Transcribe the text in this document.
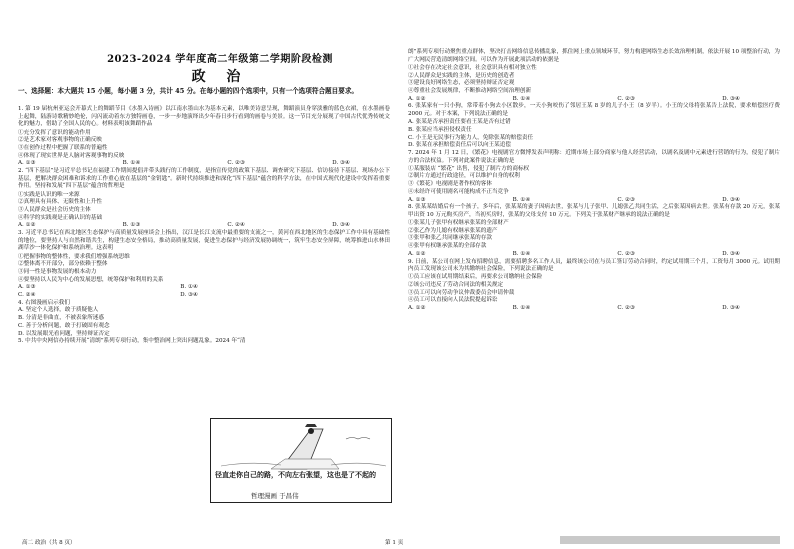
2023-2024 学年度高二年级第二学期阶段检测
政 治
一、选择题：本大题共 15 小题，每小题 3 分，共计 45 分。在每小题的四个选项中，只有一个选项符合题目要求。

1. 第 19 届杭州亚运会开幕式上的舞蹈节目《水墨入诗画》以江南水墨山水为基本元素，以唯美诗意呈现，舞蹈演员身穿淡雅的蓝色衣裙，在水墨画卷上起舞，陆游诗歌精妙绝伦，闪闪流动着东方独特画卷，一步一步地演绎出少年春日步行看到的画卷与美景。这一节目充分展现了中国古代优秀传统文化的魅力，借助了全国人民的心。材料表明该舞蹈作品

①充分发挥了意识的能动作用

②是艺术家对客观事物的正确反映

③在创作过程中把握了联系的普遍性

④体现了现实世界是人脑对客观事物的反映

A. ①③	B. ①④	C. ②③	D. ③④

2. “四下基层”是习近平总书记在福建工作期间提倡并带头践行的工作制度，是指宣传党的政策下基层、调查研究下基层、信访接待下基层、现场办公下基层，把解决群众困难和诉求的工作重心放在基层的“金钥匙”。新时代持续推进和深化“四下基层”蕴含的科学方法，在中国式现代化建设中发挥着重要作用。坚持和发展“四下基层”蕴含的哲理是

①实践是认识的唯一来源

②真理具有具体、无限性和上升性

③人民群众是社会历史的主体

④科学的实践观是正确认识的基础

A. ①②	B. ①③	C. ②④	D. ③④

3. 习近平总书记在西北地区生态保护与高质量发展座谈会上指出，汉江是长江支流中最重要的支流之一，黄河在西北地区的生态保护工作中具有基础性的地位，要坚持人与自然和谐共生，构建生态安全格局，推动高质量发展，促进生态保护与经济发展协调统一，筑牢生态安全屏障，统筹推进山水林田湖草沙一体化保护和系统治理。这表明

①把握事物的整体性，要求我们增强系统思维

②整体离不开部分，部分依赖于整体

③同一性是事物发展的根本动力

④要坚持以人民为中心的发展思想，统筹保护和利用的关系

A. ①③	B. ①④
C. ②④	D. ③④

4. 右图漫画启示我们

A. 坚定个人选择，敢于质疑他人

B. 分清是非曲直，不被表象所迷惑

C. 善于分析问题，敢于打破固有观念

D. 以发展眼光看问题，坚持辩证否定

5. 中共中央网信办持续开展“清朗”系列专项行动，集中整治网上突出问题乱象。2024 年“清

径直走你自己的路，不向左右张望，这也是了不起的
哲理漫画 于昌伟

朗”系列专项行动聚焦重点群体，坚决打击网络信息传播乱象，抓住网上重点领域环节，努力构建网络生态长效治理机制，依法开展 10 项整治行动，为广大网民营造清朗网络空间。可以作为开展此项活动的依据是

①社会存在决定社会意识，社会意识具有相对独立性

②人民群众是实践的主体，是历史的创造者

③建设良好网络生态，必须坚持辩证否定观

④尊重社会发展规律，不断推动网络空间治理创新

A. ①②	B. ①④	C. ②③	D. ③④

6. 张某家有一只小狗，常带着小狗去小区散步，一天小狗咬伤了邻居王某 8 岁的儿子小王（8 岁半）。小王的父母将张某告上法院，要求赔偿医疗费 2000 元。对于本案，下列说法正确的是

A. 张某是否承担责任要看王某是否有过错

B. 张某应当承担侵权责任

C. 小王是无民事行为能力人，免除张某的赔偿责任

D. 张某在承担赔偿责任后可以向王某追偿

7. 2024 年 1 月 12 日，《繁花》电视剧官方微博发表声明称：近期市场上部分商家与他人经营活动，以剧名及剧中元素进行营销的行为，侵犯了制片方的合法权益。下列对此案件说法正确的是

①某服装店 “繁花” 出售，侵犯了制片方的商标权

②制片方通过行政途径，可以维护自身的权利

③《繁花》电视剧是著作权的客体

④未经许可使用剧名可能构成不正当竞争

A. ①③	B. ①④	C. ②③	D. ③④

8. 张某某结婚后有一个孩子，多年后，张某某的妻子因病去世，张某与儿子张甲、儿媳张乙共同生活，之后张某因病去世。张某有存款 20 万元，张某甲出资 10 万元购买房产，当初买房时，张某的父母支付 10 万元。下列关于张某财产继承的说法正确的是

①张某儿子张甲有权继承张某的全部财产

②张乙作为儿媳有权继承张某的遗产

③张甲和张乙共同继承张某的存款

④张甲有权继承张某的全部存款

A. ①②	B. ①④	C. ②③	D. ③④

9. 日前，某公司在网上发布招聘信息，需要招聘多名工作人员，最终该公司在与员工签订劳动合同时，约定试用期三个月，工资每月 3000 元。试用期内员工发现该公司未为其缴纳社会保险，下列说法正确的是

①员工应该在试用期结束后，再要求公司缴纳社会保险

②该公司违反了劳动合同法的相关规定

③员工可以向劳动争议仲裁委员会申请仲裁

④员工可以直接向人民法院提起诉讼

A. ①②	B. ①④	C. ②③	D. ③④
高二 政治（共 8 页）	第 1 页
